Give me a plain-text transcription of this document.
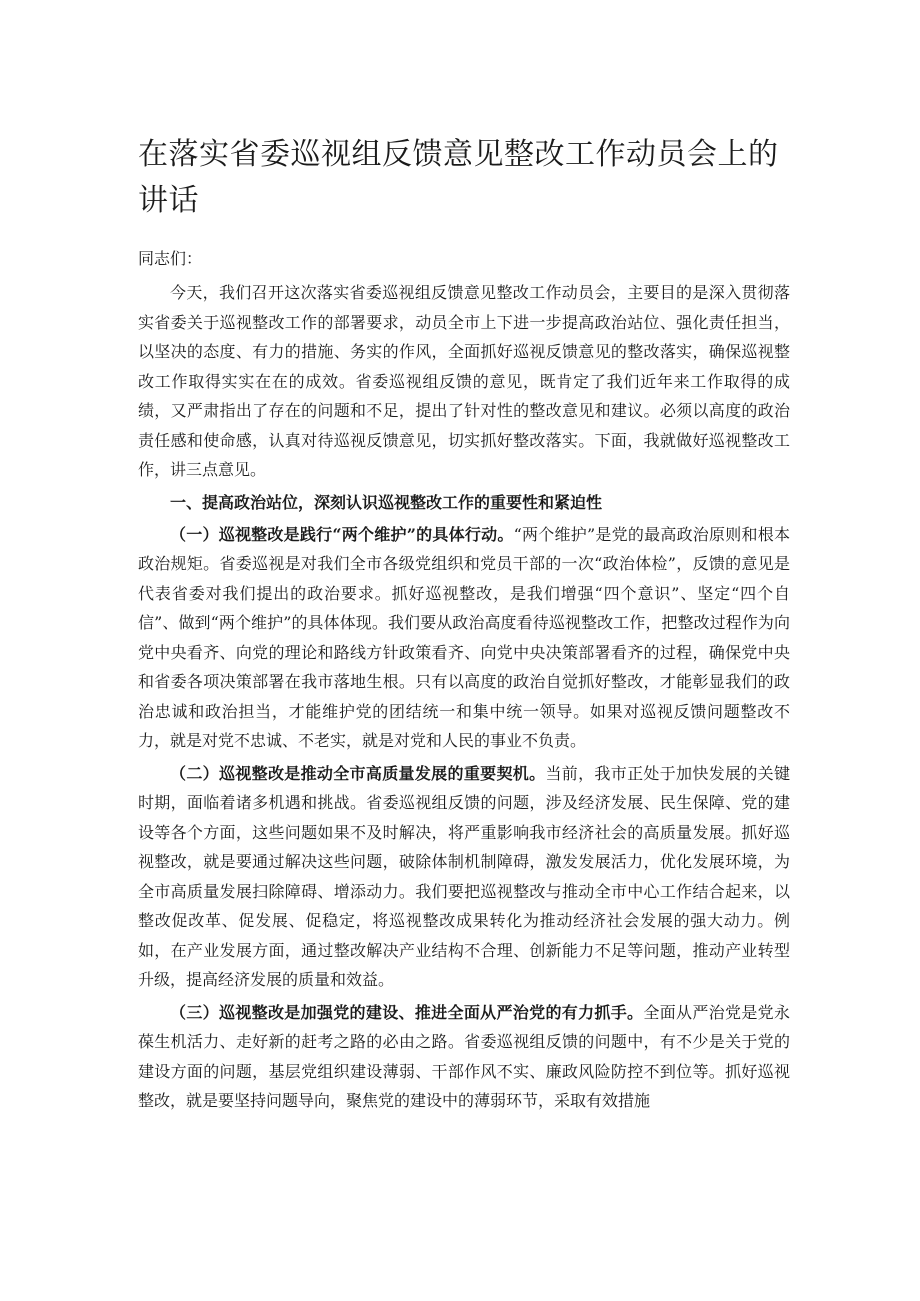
在落实省委巡视组反馈意见整改工作动员会上的讲话
同志们：

今天，我们召开这次落实省委巡视组反馈意见整改工作动员会，主要目的是深入贯彻落实省委关于巡视整改工作的部署要求，动员全市上下进一步提高政治站位、强化责任担当，以坚决的态度、有力的措施、务实的作风，全面抓好巡视反馈意见的整改落实，确保巡视整改工作取得实实在在的成效。省委巡视组反馈的意见，既肯定了我们近年来工作取得的成绩，又严肃指出了存在的问题和不足，提出了针对性的整改意见和建议。必须以高度的政治责任感和使命感，认真对待巡视反馈意见，切实抓好整改落实。下面，我就做好巡视整改工作，讲三点意见。

一、提高政治站位，深刻认识巡视整改工作的重要性和紧迫性

（一）巡视整改是践行“两个维护”的具体行动。“两个维护”是党的最高政治原则和根本政治规矩。省委巡视是对我们全市各级党组织和党员干部的一次“政治体检”，反馈的意见是代表省委对我们提出的政治要求。抓好巡视整改，是我们增强“四个意识”、坚定“四个自信”、做到“两个维护”的具体体现。我们要从政治高度看待巡视整改工作，把整改过程作为向党中央看齐、向党的理论和路线方针政策看齐、向党中央决策部署看齐的过程，确保党中央和省委各项决策部署在我市落地生根。只有以高度的政治自觉抓好整改，才能彰显我们的政治忠诚和政治担当，才能维护党的团结统一和集中统一领导。如果对巡视反馈问题整改不力，就是对党不忠诚、不老实，就是对党和人民的事业不负责。

（二）巡视整改是推动全市高质量发展的重要契机。当前，我市正处于加快发展的关键时期，面临着诸多机遇和挑战。省委巡视组反馈的问题，涉及经济发展、民生保障、党的建设等各个方面，这些问题如果不及时解决，将严重影响我市经济社会的高质量发展。抓好巡视整改，就是要通过解决这些问题，破除体制机制障碍，激发发展活力，优化发展环境，为全市高质量发展扫除障碍、增添动力。我们要把巡视整改与推动全市中心工作结合起来，以整改促改革、促发展、促稳定，将巡视整改成果转化为推动经济社会发展的强大动力。例如，在产业发展方面，通过整改解决产业结构不合理、创新能力不足等问题，推动产业转型升级，提高经济发展的质量和效益。

（三）巡视整改是加强党的建设、推进全面从严治党的有力抓手。全面从严治党是党永葆生机活力、走好新的赶考之路的必由之路。省委巡视组反馈的问题中，有不少是关于党的建设方面的问题，基层党组织建设薄弱、干部作风不实、廉政风险防控不到位等。抓好巡视整改，就是要坚持问题导向，聚焦党的建设中的薄弱环节，采取有效措施
